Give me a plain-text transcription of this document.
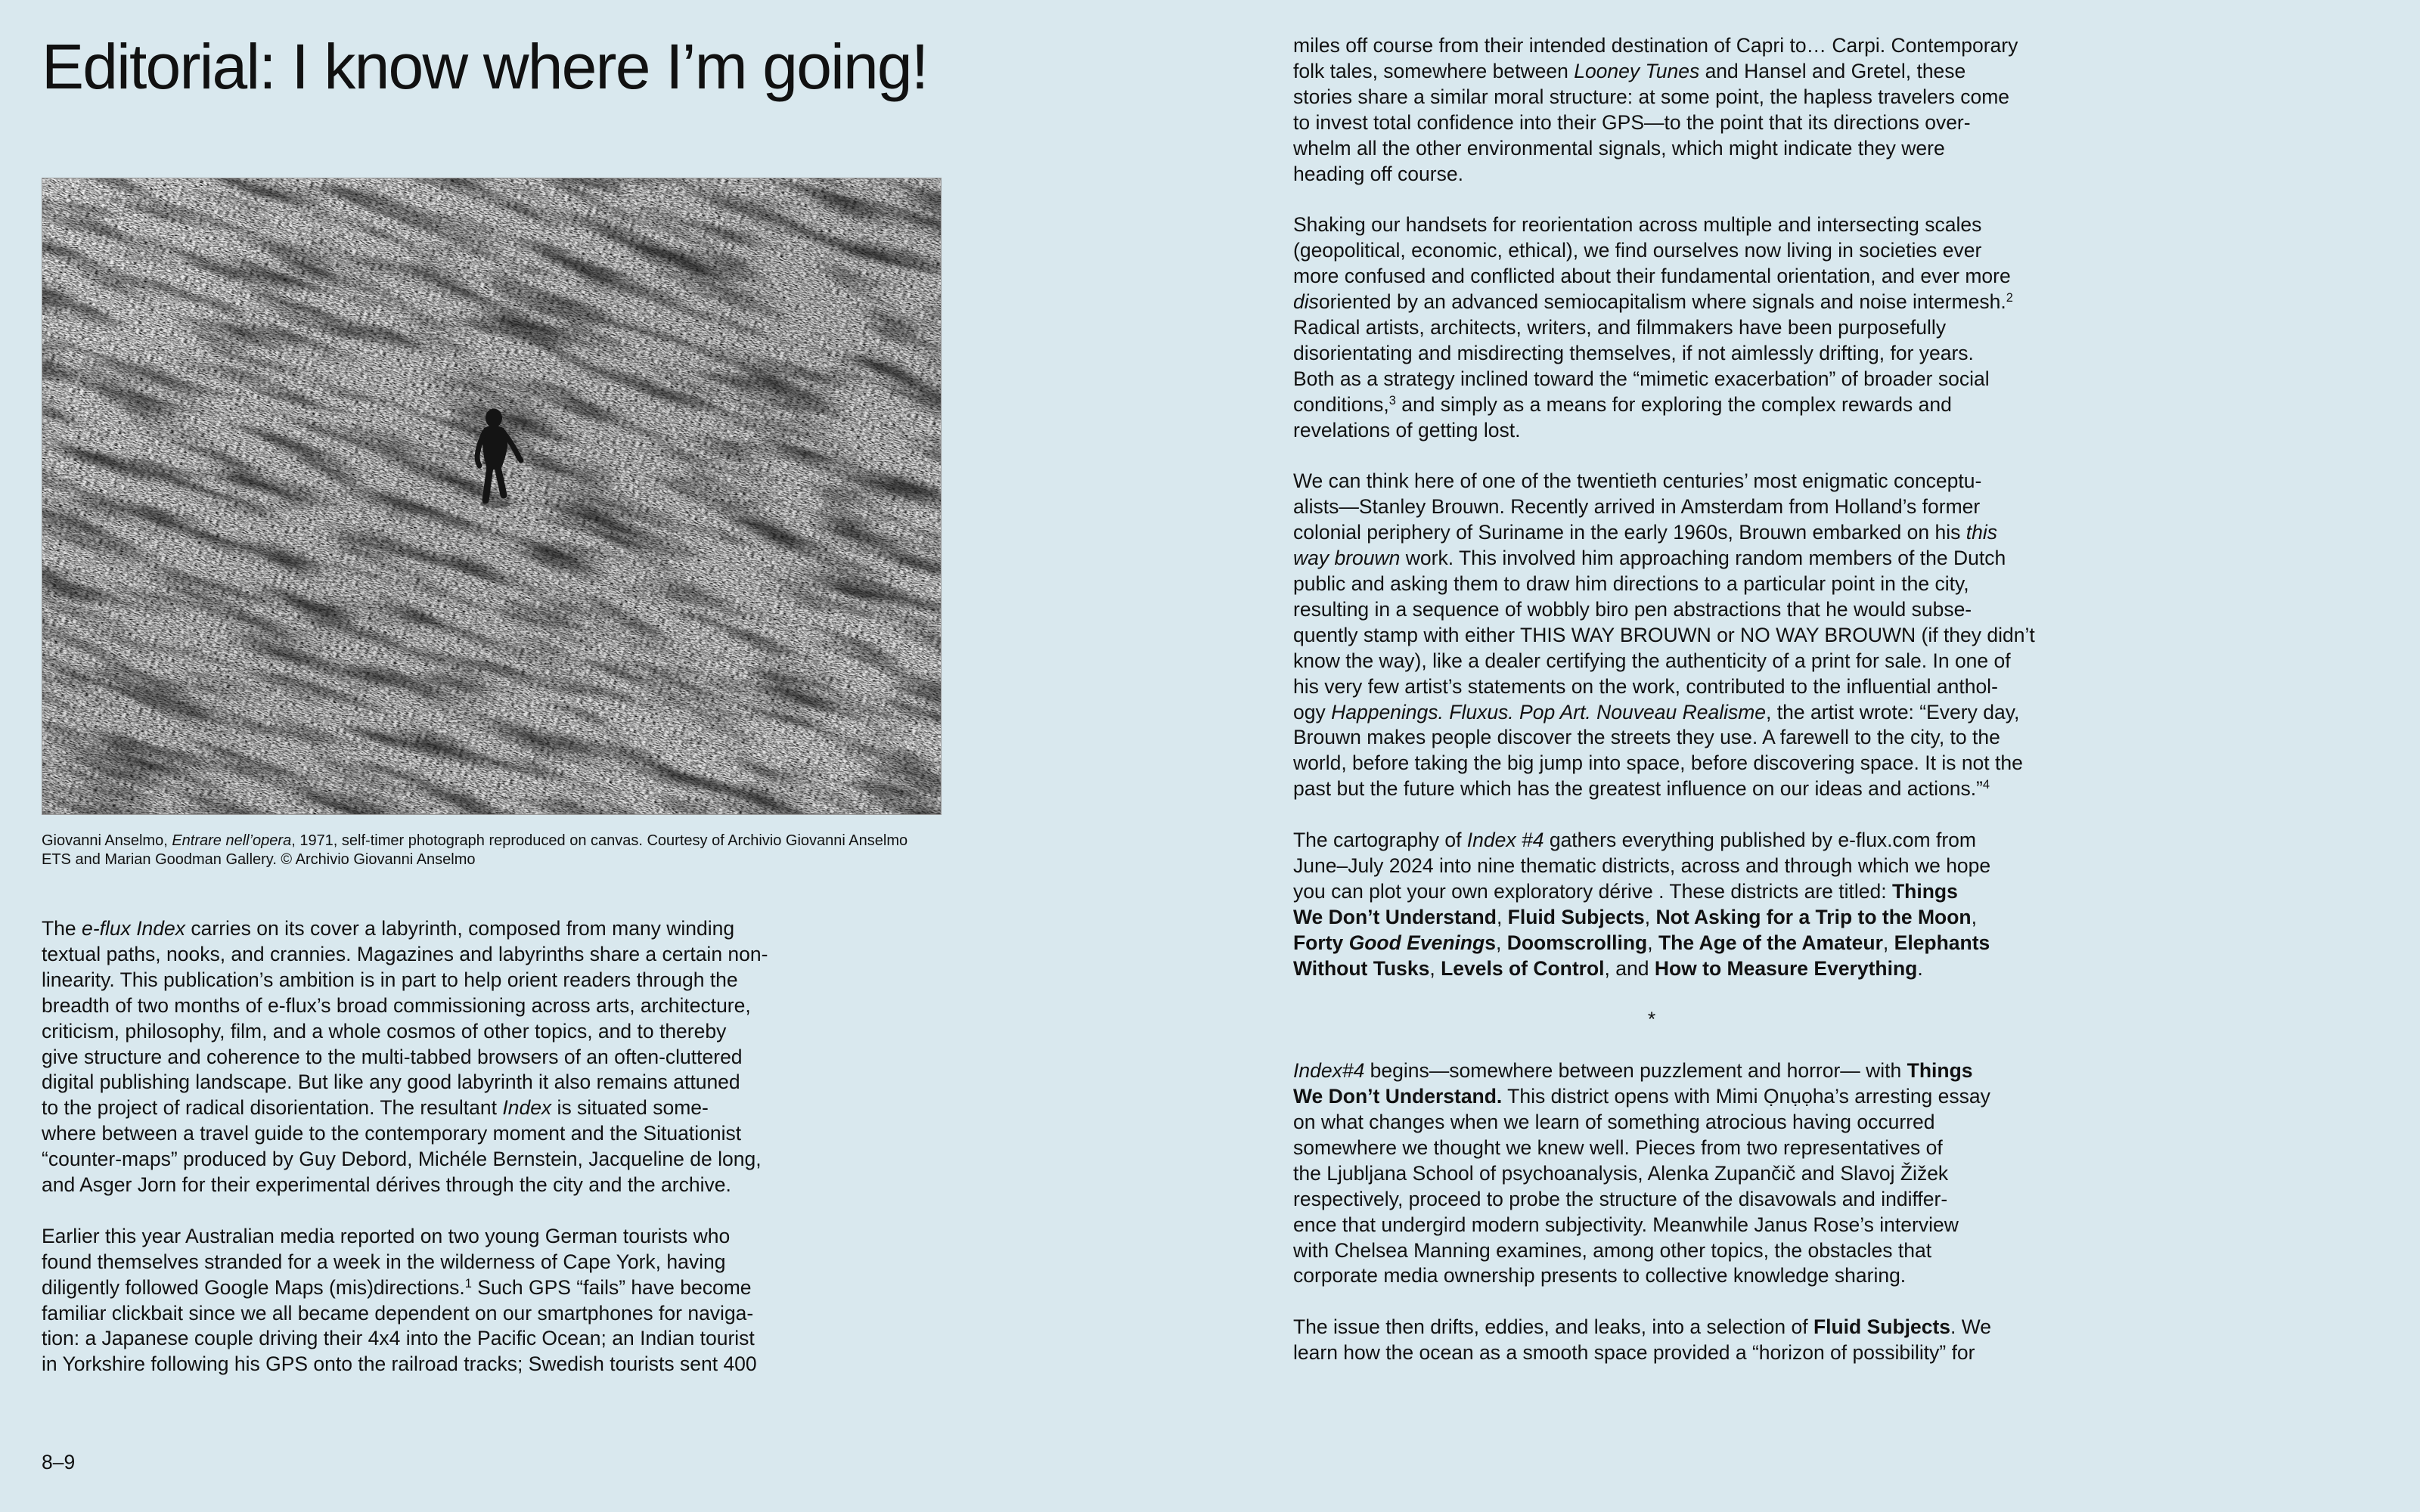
Editorial: I know where I’m going!
Giovanni Anselmo, Entrare nell’opera, 1971, self-timer photograph reproduced on canvas. Courtesy of Archivio Giovanni Anselmo
ETS and Marian Goodman Gallery. © Archivio Giovanni Anselmo
The e-flux Index carries on its cover a labyrinth, composed from many winding
textual paths, nooks, and crannies. Magazines and labyrinths share a certain non-
linearity. This publication’s ambition is in part to help orient readers through the
breadth of two months of e-flux’s broad commissioning across arts, architecture,
criticism, philosophy, film, and a whole cosmos of other topics, and to thereby
give structure and coherence to the multi-tabbed browsers of an often-cluttered
digital publishing landscape. But like any good labyrinth it also remains attuned
to the project of radical disorientation. The resultant Index is situated some-
where between a travel guide to the contemporary moment and the Situationist
“counter-maps” produced by Guy Debord, Michéle Bernstein, Jacqueline de long,
and Asger Jorn for their experimental dérives through the city and the archive.
Earlier this year Australian media reported on two young German tourists who
found themselves stranded for a week in the wilderness of Cape York, having
diligently followed Google Maps (mis)directions.$^1$ Such GPS “fails” have become
familiar clickbait since we all became dependent on our smartphones for naviga-
tion: a Japanese couple driving their 4x4 into the Pacific Ocean; an Indian tourist
in Yorkshire following his GPS onto the railroad tracks; Swedish tourists sent 400
8–9
miles off course from their intended destination of Capri to… Carpi. Contemporary
folk tales, somewhere between Looney Tunes and Hansel and Gretel, these
stories share a similar moral structure: at some point, the hapless travelers come
to invest total confidence into their GPS—to the point that its directions over-
whelm all the other environmental signals, which might indicate they were
heading off course.
Shaking our handsets for reorientation across multiple and intersecting scales
(geopolitical, economic, ethical), we find ourselves now living in societies ever
more confused and conflicted about their fundamental orientation, and ever more
disoriented by an advanced semiocapitalism where signals and noise intermesh.$^2$
Radical artists, architects, writers, and filmmakers have been purposefully
disorientating and misdirecting themselves, if not aimlessly drifting, for years.
Both as a strategy inclined toward the “mimetic exacerbation” of broader social
conditions,$^3$ and simply as a means for exploring the complex rewards and
revelations of getting lost.
We can think here of one of the twentieth centuries’ most enigmatic conceptu-
alists—Stanley Brouwn. Recently arrived in Amsterdam from Holland’s former
colonial periphery of Suriname in the early 1960s, Brouwn embarked on his this
way brouwn work. This involved him approaching random members of the Dutch
public and asking them to draw him directions to a particular point in the city,
resulting in a sequence of wobbly biro pen abstractions that he would subse-
quently stamp with either THIS WAY BROUWN or NO WAY BROUWN (if they didn’t
know the way), like a dealer certifying the authenticity of a print for sale. In one of
his very few artist’s statements on the work, contributed to the influential anthol-
ogy Happenings. Fluxus. Pop Art. Nouveau Realisme, the artist wrote: “Every day,
Brouwn makes people discover the streets they use. A farewell to the city, to the
world, before taking the big jump into space, before discovering space. It is not the
past but the future which has the greatest influence on our ideas and actions.”$^4$
The cartography of Index #4 gathers everything published by e-flux.com from
June–July 2024 into nine thematic districts, across and through which we hope
you can plot your own exploratory dérive . These districts are titled: Things
We Don’t Understand, Fluid Subjects, Not Asking for a Trip to the Moon,
Forty Good Evenings, Doomscrolling, The Age of the Amateur, Elephants
Without Tusks, Levels of Control, and How to Measure Everything.
*
Index#4 begins—somewhere between puzzlement and horror— with Things
We Don’t Understand. This district opens with Mimi Ọnụọha’s arresting essay
on what changes when we learn of something atrocious having occurred
somewhere we thought we knew well. Pieces from two representatives of
the Ljubljana School of psychoanalysis, Alenka Zupančič and Slavoj Žižek
respectively, proceed to probe the structure of the disavowals and indiffer-
ence that undergird modern subjectivity. Meanwhile Janus Rose’s interview
with Chelsea Manning examines, among other topics, the obstacles that
corporate media ownership presents to collective knowledge sharing.
The issue then drifts, eddies, and leaks, into a selection of Fluid Subjects. We
learn how the ocean as a smooth space provided a “horizon of possibility” for
